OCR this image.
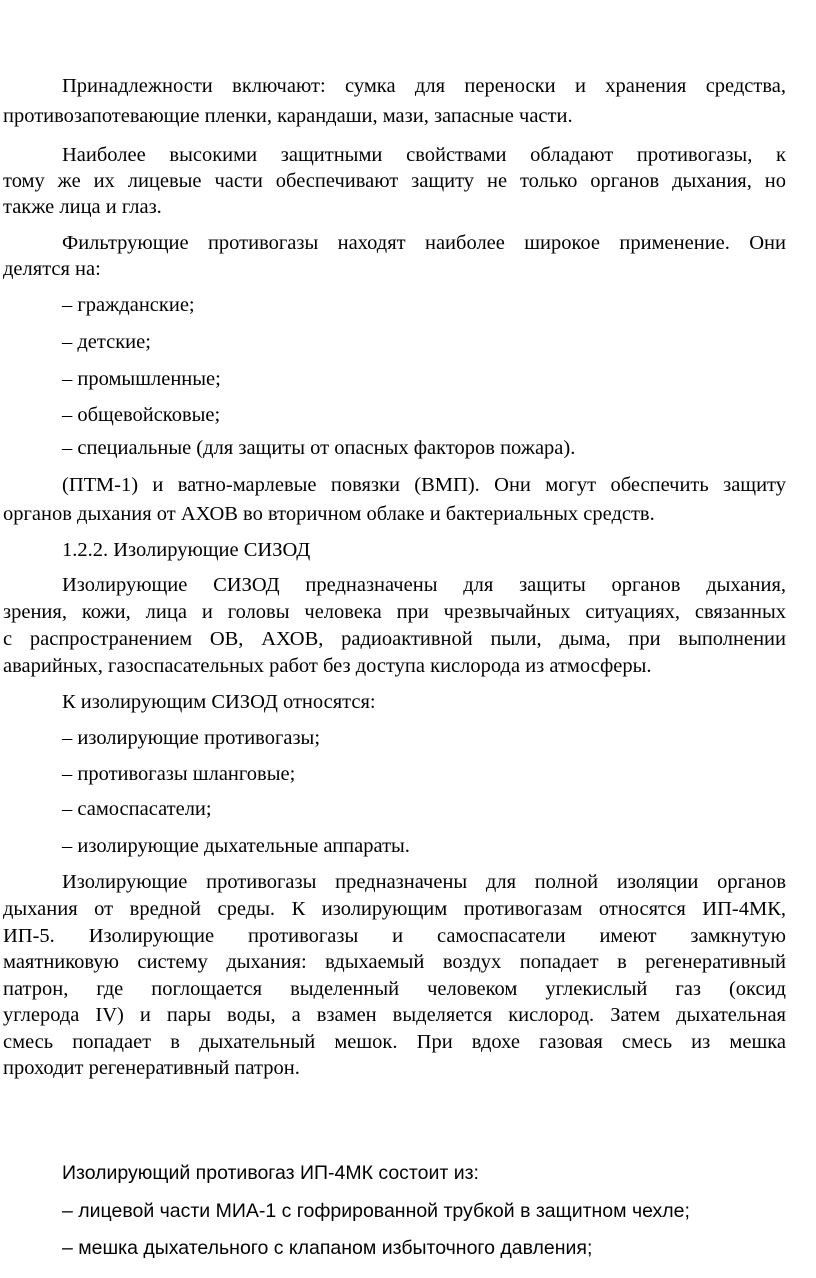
Принадлежности включают: сумка для переноски и хранения средства,

противозапотевающие пленки, карандаши, мази, запасные части.

Наиболее высокими защитными свойствами обладают противогазы, к

тому же их лицевые части обеспечивают защиту не только органов дыхания, но

также лица и глаз.

Фильтрующие противогазы находят наиболее широкое применение. Они

делятся на:

– гражданские;

– детские;

– промышленные;

– общевойсковые;

– специальные (для защиты от опасных факторов пожара).

(ПТМ-1) и ватно-марлевые повязки (ВМП). Они могут обеспечить защиту

органов дыхания от АХОВ во вторичном облаке и бактериальных средств.

1.2.2. Изолирующие СИЗОД

Изолирующие СИЗОД предназначены для защиты органов дыхания,

зрения, кожи, лица и головы человека при чрезвычайных ситуациях, связанных

с распространением ОВ, АХОВ, радиоактивной пыли, дыма, при выполнении

аварийных, газоспасательных работ без доступа кислорода из атмосферы.

К изолирующим СИЗОД относятся:

– изолирующие противогазы;

– противогазы шланговые;

– самоспасатели;

– изолирующие дыхательные аппараты.

Изолирующие противогазы предназначены для полной изоляции органов

дыхания от вредной среды. К изолирующим противогазам относятся ИП-4МК,

ИП-5. Изолирующие противогазы и самоспасатели имеют замкнутую

маятниковую систему дыхания: вдыхаемый воздух попадает в регенеративный

патрон, где поглощается выделенный человеком углекислый газ (оксид

углерода IV) и пары воды, а взамен выделяется кислород. Затем дыхательная

смесь попадает в дыхательный мешок. При вдохе газовая смесь из мешка

проходит регенеративный патрон.

Изолирующий противогаз ИП-4МК состоит из:

– лицевой части МИА-1 с гофрированной трубкой в защитном чехле;

– мешка дыхательного с клапаном избыточного давления;
